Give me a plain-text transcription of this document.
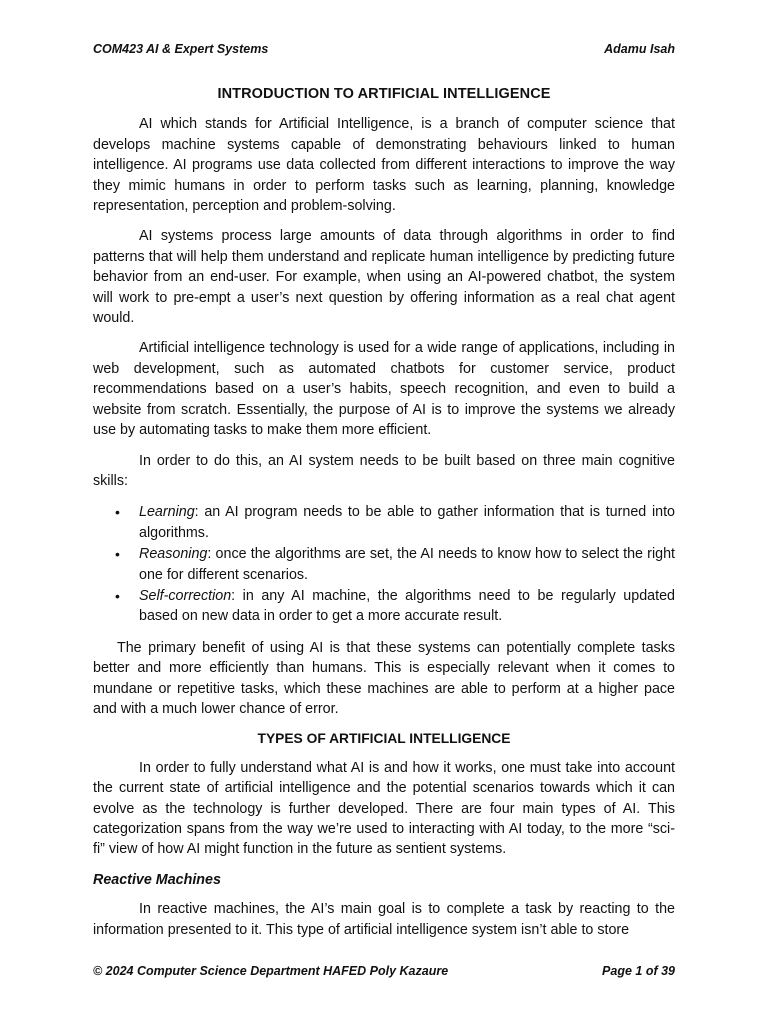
COM423 AI & Expert Systems	Adamu Isah
INTRODUCTION TO ARTIFICIAL INTELLIGENCE

AI which stands for Artificial Intelligence, is a branch of computer science that develops machine systems capable of demonstrating behaviours linked to human intelligence. AI programs use data collected from different interactions to improve the way they mimic humans in order to perform tasks such as learning, planning, knowledge representation, perception and problem-solving.

AI systems process large amounts of data through algorithms in order to find patterns that will help them understand and replicate human intelligence by predicting future behavior from an end-user. For example, when using an AI-powered chatbot, the system will work to pre-empt a user’s next question by offering information as a real chat agent would.

Artificial intelligence technology is used for a wide range of applications, including in web development, such as automated chatbots for customer service, product recommendations based on a user’s habits, speech recognition, and even to build a website from scratch. Essentially, the purpose of AI is to improve the systems we already use by automating tasks to make them more efficient.

In order to do this, an AI system needs to be built based on three main cognitive skills:

• Learning: an AI program needs to be able to gather information that is turned into algorithms.
• Reasoning: once the algorithms are set, the AI needs to know how to select the right one for different scenarios.
• Self-correction: in any AI machine, the algorithms need to be regularly updated based on new data in order to get a more accurate result.

The primary benefit of using AI is that these systems can potentially complete tasks better and more efficiently than humans. This is especially relevant when it comes to mundane or repetitive tasks, which these machines are able to perform at a higher pace and with a much lower chance of error.

TYPES OF ARTIFICIAL INTELLIGENCE

In order to fully understand what AI is and how it works, one must take into account the current state of artificial intelligence and the potential scenarios towards which it can evolve as the technology is further developed. There are four main types of AI. This categorization spans from the way we’re used to interacting with AI today, to the more “sci-fi” view of how AI might function in the future as sentient systems.

Reactive Machines

In reactive machines, the AI’s main goal is to complete a task by reacting to the information presented to it. This type of artificial intelligence system isn’t able to store

© 2024 Computer Science Department HAFED Poly Kazaure	Page 1 of 39
